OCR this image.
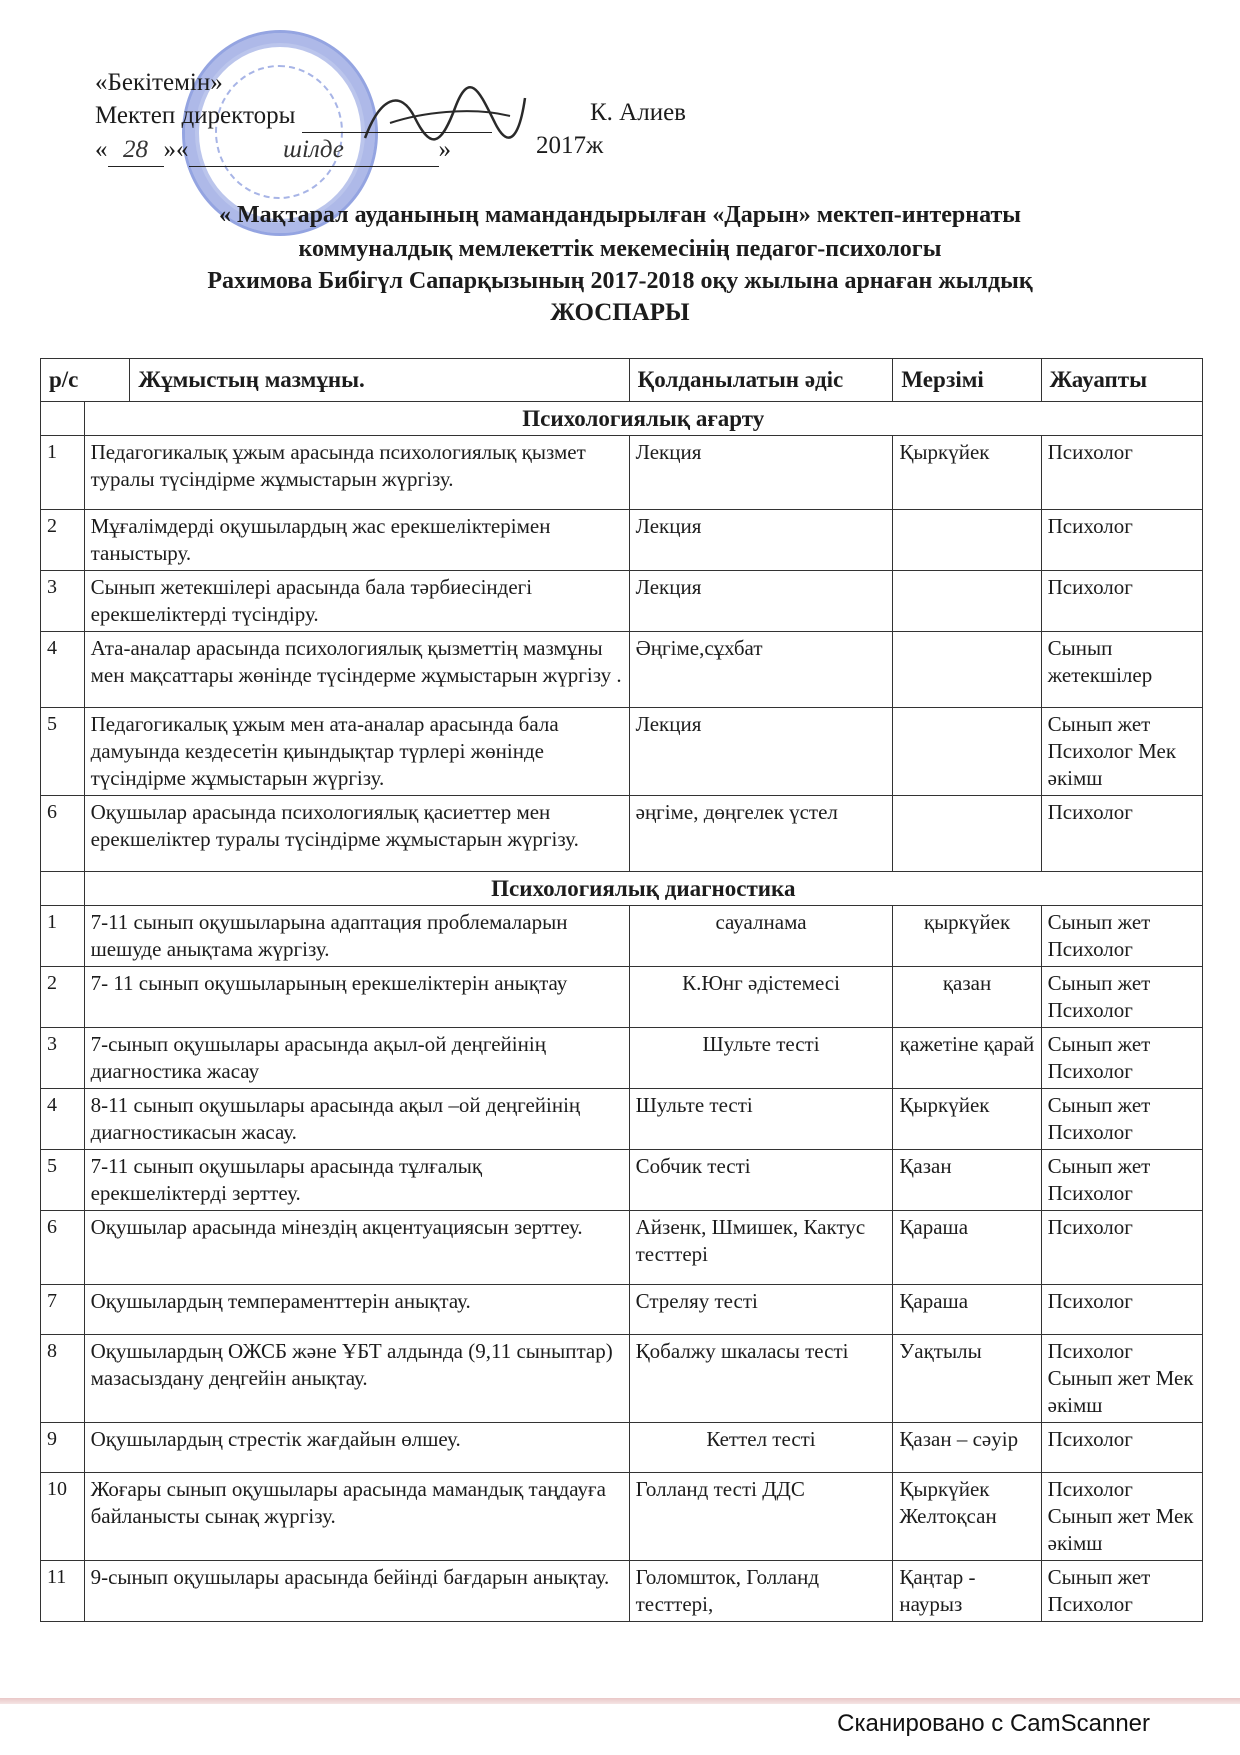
«Бекітемін»
Мектеп директоры
« 28 »«	шілде	»
К. Алиев
2017ж
« Мақтарал ауданының мамандандырылған «Дарын» мектеп-интернаты
коммуналдық мемлекеттік мекемесінің педагог-психологы
Рахимова Бибігүл Сапарқызының 2017-2018 оқу жылына арнаған жылдық
ЖОСПАРЫ
р/с		Жұмыстың мазмұны.	Қолданылатын әдіс	Мерзімі	Жауапты
	Психологиялық ағарту				
1	Педагогикалық ұжым арасында психологиялық қызмет туралы түсіндірме жұмыстарын жүргізу.		Лекция	Қыркүйек	Психолог
2	Мұғалімдерді оқушылардың жас ерекшеліктерімен таныстыру.		Лекция		Психолог
3	Сынып жетекшілері арасында бала тәрбиесіндегі ерекшеліктерді түсіндіру.		Лекция		Психолог
4	Ата-аналар арасында психологиялық қызметтің мазмұны мен мақсаттары жөнінде түсіндерме жұмыстарын жүргізу .		Әңгіме,сұхбат		Сынып жетекшілер
5	Педагогикалық ұжым мен ата-аналар арасында бала дамуында кездесетін қиындықтар түрлері жөнінде түсіндірме жұмыстарын жүргізу.		Лекция		Сынып жет Психолог Мек әкімш
6	Оқушылар арасында психологиялық қасиеттер мен ерекшеліктер туралы түсіндірме жұмыстарын жүргізу.		әңгіме, дөңгелек үстел		Психолог
	Психологиялық диагностика				
1	7-11 сынып оқушыларына адаптация проблемаларын шешуде анықтама жүргізу.		сауалнама	қыркүйек	Сынып жет Психолог
2	7- 11 сынып оқушыларының ерекшеліктерін анықтау		К.Юнг әдістемесі	қазан	Сынып жет Психолог
3	7-сынып оқушылары арасында ақыл-ой деңгейінің диагностика жасау		Шульте тесті	қажетіне қарай	Сынып жет Психолог
4	8-11 сынып оқушылары арасында ақыл –ой деңгейінің диагностикасын жасау.		Шульте тесті	Қыркүйек	Сынып жет Психолог
5	7-11 сынып оқушылары арасында тұлғалық ерекшеліктерді зерттеу.		Собчик тесті	Қазан	Сынып жет Психолог
6	Оқушылар арасында мінездің акцентуациясын зерттеу.		Айзенк, Шмишек, Кактус тесттері	Қараша	Психолог
7	Оқушылардың темпераменттерін анықтау.		Стреляу тесті	Қараша	Психолог
8	Оқушылардың ОЖСБ және ҰБТ алдында (9,11 сыныптар) мазасыздану деңгейін анықтау.		Қобалжу шкаласы тесті	Уақтылы	Психолог Сынып жет Мек әкімш
9	Оқушылардың стрестік жағдайын өлшеу.		Кеттел тесті	Қазан – сәуір	Психолог
10	Жоғары сынып оқушылары арасында мамандық таңдауға байланысты сынақ жүргізу.		Голланд тесті ДДС	Қыркүйек Желтоқсан	Психолог Сынып жет Мек әкімш
11	9-сынып оқушылары арасында бейінді бағдарын анықтау.		Голомшток, Голланд тесттері,	Қаңтар - наурыз	Сынып жет Психолог
Сканировано с CamScanner
